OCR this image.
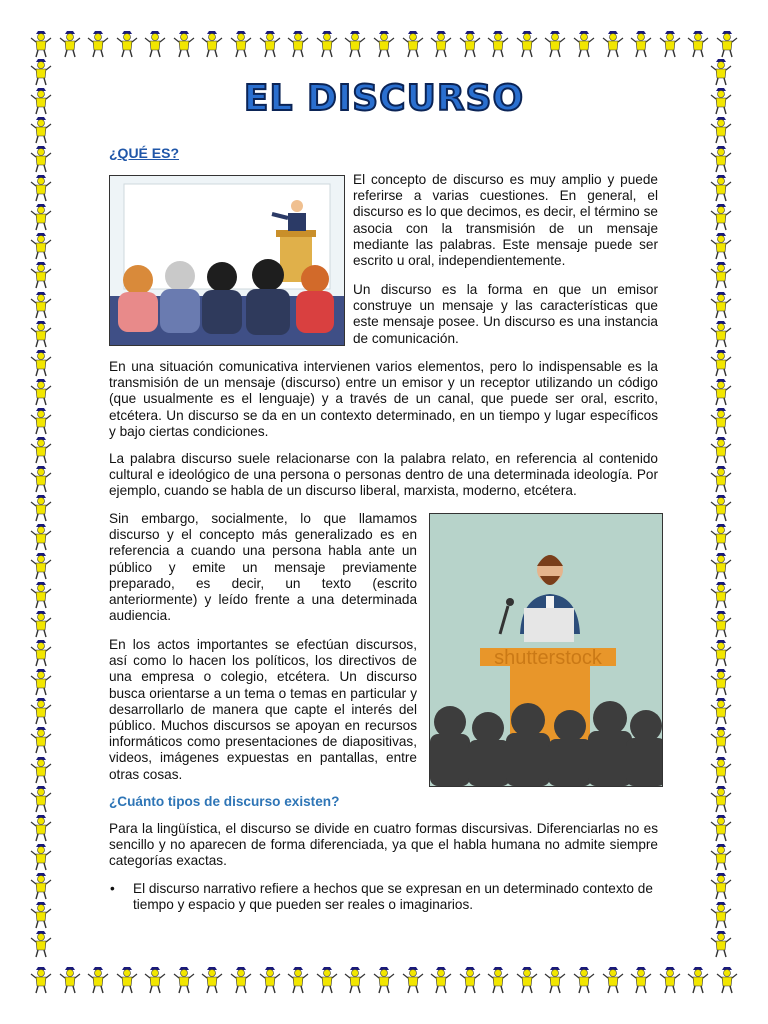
EL DISCURSO
¿QUÉ ES?
El concepto de discurso es muy amplio y puede referirse a varias cuestiones. En general, el discurso es lo que decimos, es decir, el término se asocia con la transmisión de un mensaje mediante las palabras. Este mensaje puede ser escrito u oral, independientemente.
Un discurso es la forma en que un emisor construye un mensaje y las características que este mensaje posee. Un discurso es una instancia de comunicación.
En una situación comunicativa intervienen varios elementos, pero lo indispensable es la transmisión de un mensaje (discurso) entre un emisor y un receptor utilizando un código (que usualmente es el lenguaje) y a través de un canal, que puede ser oral, escrito, etcétera. Un discurso se da en un contexto determinado, en un tiempo y lugar específicos y bajo ciertas condiciones.
La palabra discurso suele relacionarse con la palabra relato, en referencia al contenido cultural e ideológico de una persona o personas dentro de una determinada ideología. Por ejemplo, cuando se habla de un discurso liberal, marxista, moderno, etcétera.
Sin embargo, socialmente, lo que llamamos discurso y el concepto más generalizado es en referencia a cuando una persona habla ante un público y emite un mensaje previamente preparado, es decir, un texto (escrito anteriormente) y leído frente a una determinada audiencia.
En los actos importantes se efectúan discursos, así como lo hacen los políticos, los directivos de una empresa o colegio, etcétera. Un discurso busca orientarse a un tema o temas en particular y desarrollarlo de manera que capte el interés del público. Muchos discursos se apoyan en recursos informáticos como presentaciones de diapositivas, videos, imágenes expuestas en pantallas, entre otras cosas.
shutterstock
¿Cuánto tipos de discurso existen?
Para la lingüística, el discurso se divide en cuatro formas discursivas. Diferenciarlas no es sencillo y no aparecen de forma diferenciada, ya que el habla humana no admite siempre categorías exactas.
•	El discurso narrativo refiere a hechos que se expresan en un determinado contexto de tiempo y espacio y que pueden ser reales o imaginarios.
